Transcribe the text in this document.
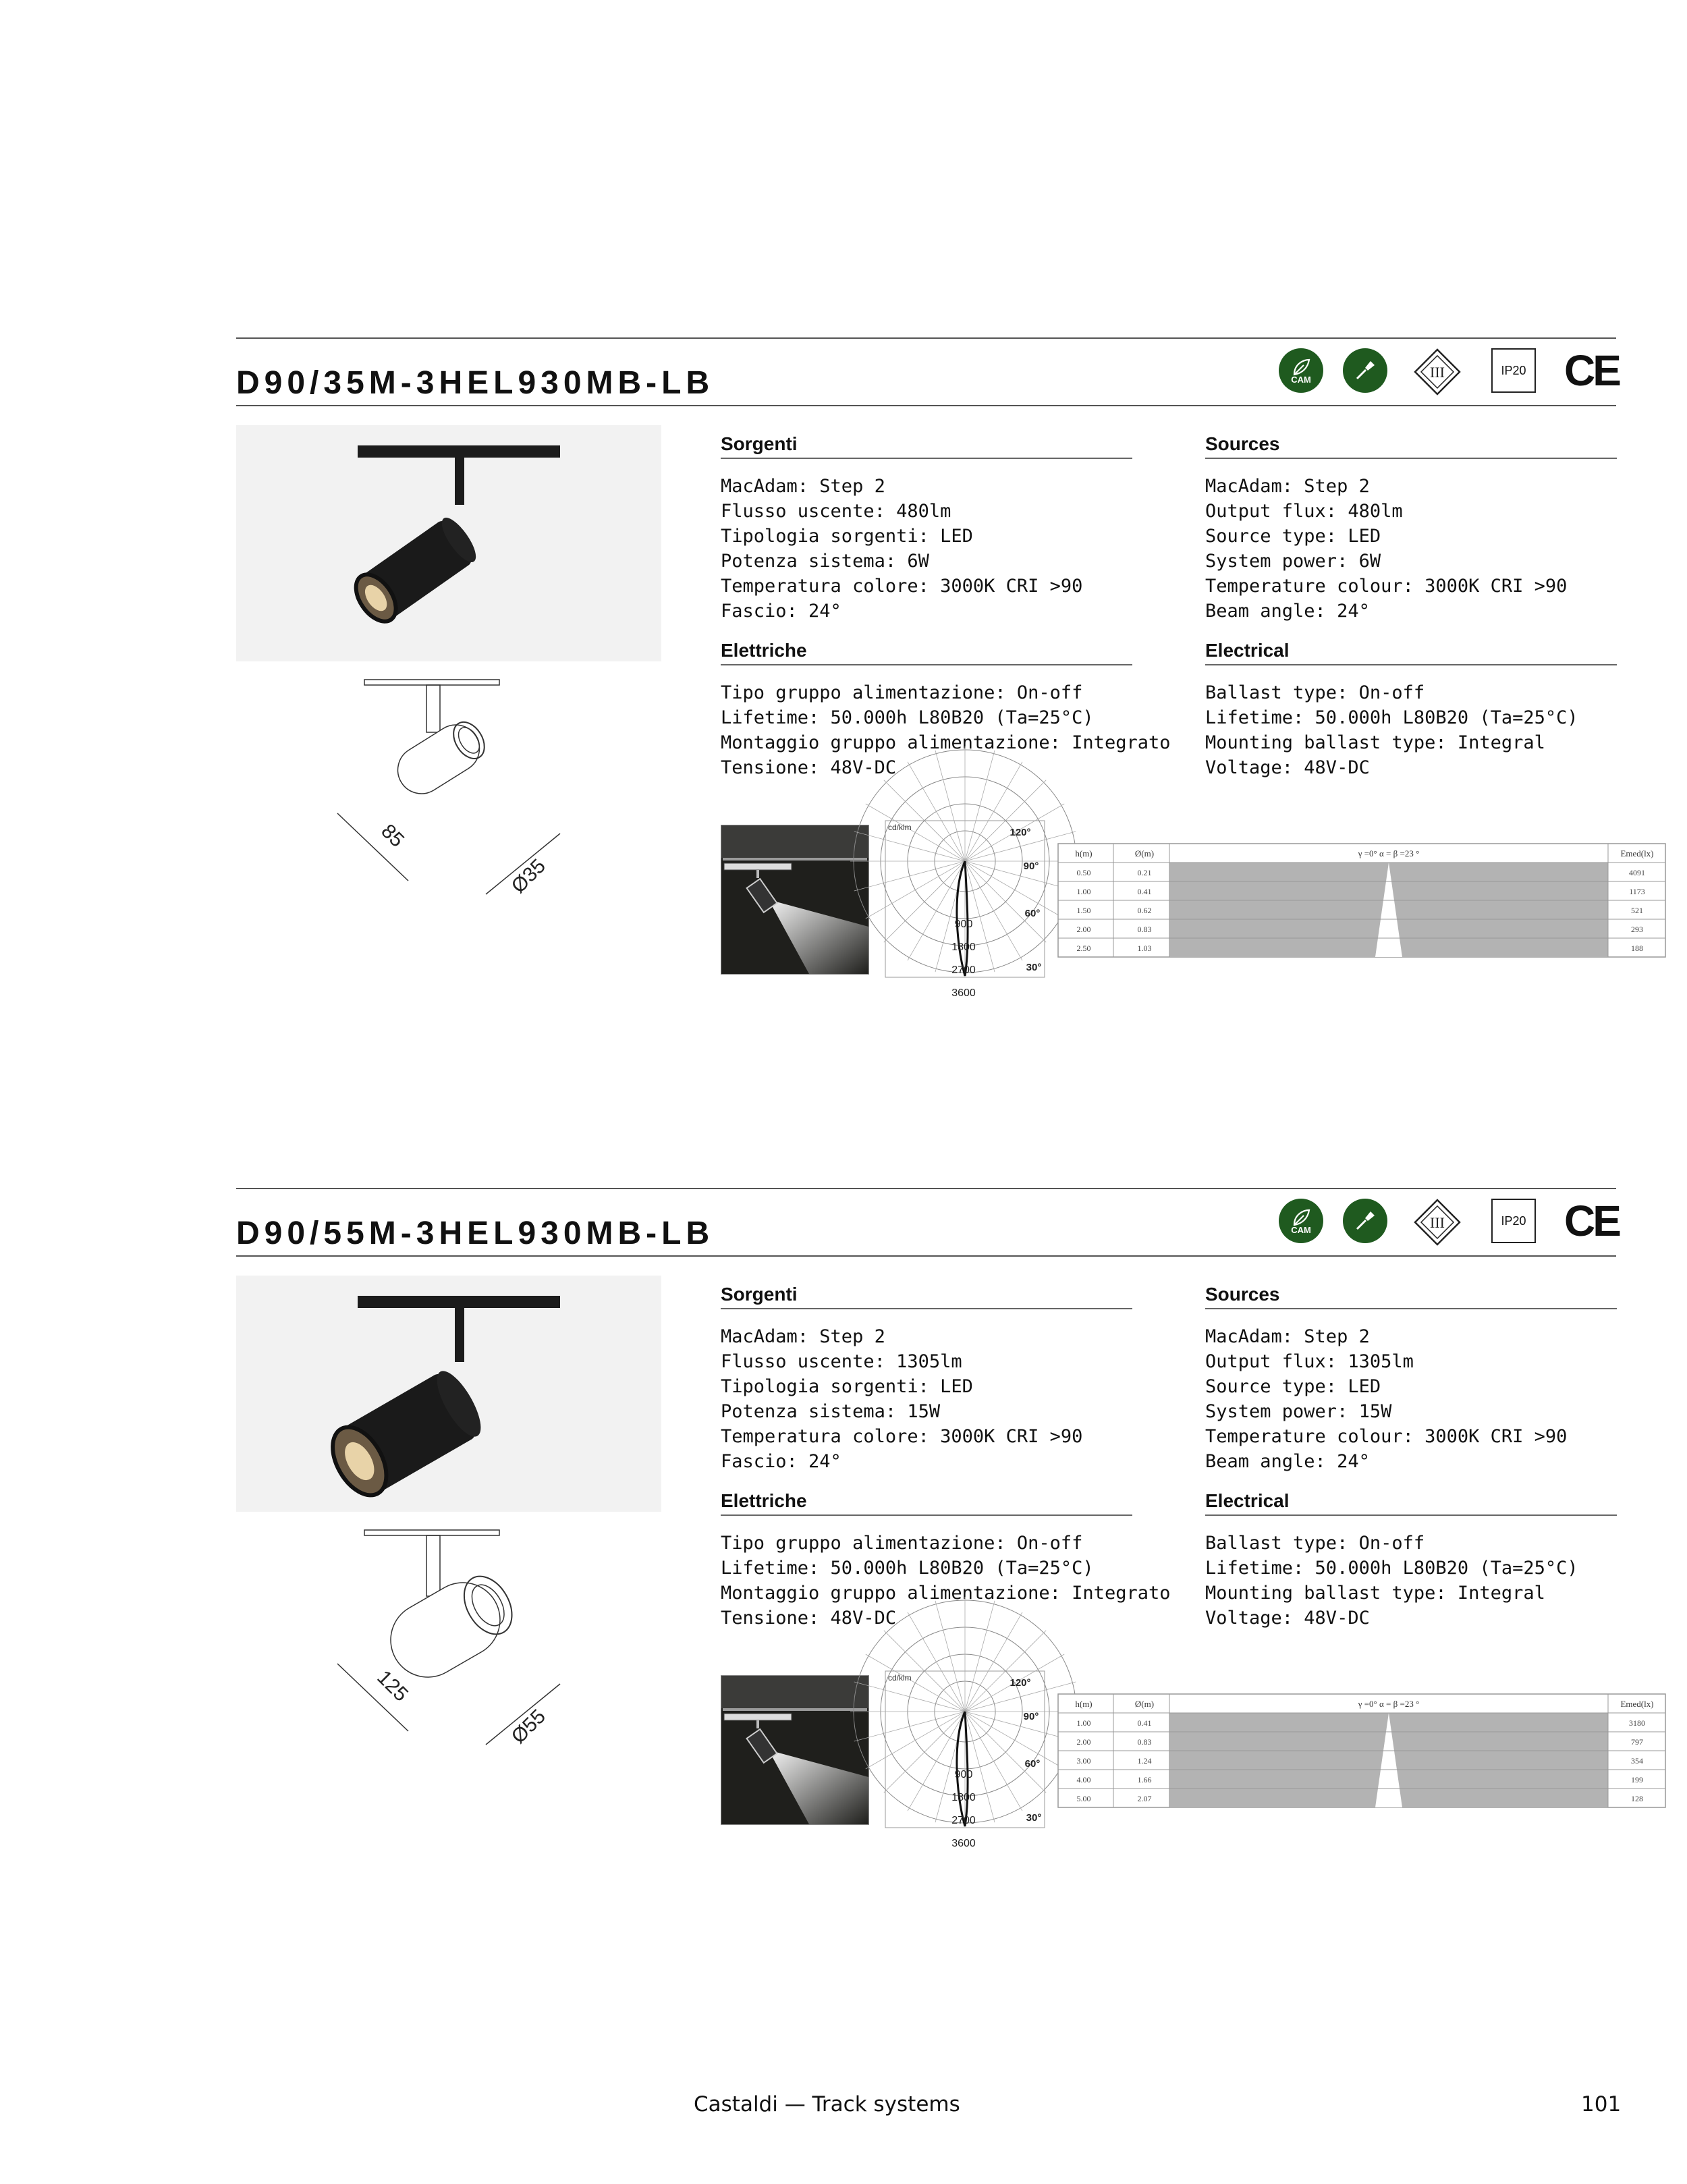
D90/35M-3HEL930MB-LB	CAM	III	IP20 CE
85
Ø35
Sorgenti
MacAdam: Step 2
Flusso uscente: 480lm
Tipologia sorgenti: LED
Potenza sistema: 6W
Temperatura colore: 3000K CRI >90
Fascio: 24°
Elettriche
Tipo gruppo alimentazione: On-off
Lifetime: 50.000h L80B20 (Ta=25°C)
Montaggio gruppo alimentazione: Integrato
Tensione: 48V-DC
Sources
MacAdam: Step 2
Output flux: 480lm
Source type: LED
System power: 6W
Temperature colour: 3000K CRI >90
Beam angle: 24°
Electrical
Ballast type: On-off
Lifetime: 50.000h L80B20 (Ta=25°C)
Mounting ballast type: Integral
Voltage: 48V-DC
cd/klm
900
1800
2700
3600
120°
90°
60°
30°
h(m)	Ø(m)	γ =0° α = β =23 °	Emed(lx)
0.50	0.21	4091
1.00	0.41	1173
1.50	0.62	521
2.00	0.83	293
2.50	1.03	188
D90/55M-3HEL930MB-LB	CAM	III	IP20 CE
125
Ø55
Sorgenti
MacAdam: Step 2
Flusso uscente: 1305lm
Tipologia sorgenti: LED
Potenza sistema: 15W
Temperatura colore: 3000K CRI >90
Fascio: 24°
Elettriche
Tipo gruppo alimentazione: On-off
Lifetime: 50.000h L80B20 (Ta=25°C)
Montaggio gruppo alimentazione: Integrato
Tensione: 48V-DC
Sources
MacAdam: Step 2
Output flux: 1305lm
Source type: LED
System power: 15W
Temperature colour: 3000K CRI >90
Beam angle: 24°
Electrical
Ballast type: On-off
Lifetime: 50.000h L80B20 (Ta=25°C)
Mounting ballast type: Integral
Voltage: 48V-DC
cd/klm
900
1800
2700
3600
120°
90°
60°
30°
h(m)	Ø(m)	γ =0° α = β =23 °	Emed(lx)
1.00	0.41	3180
2.00	0.83	797
3.00	1.24	354
4.00	1.66	199
5.00	2.07	128
Castaldi — Track systems	101
